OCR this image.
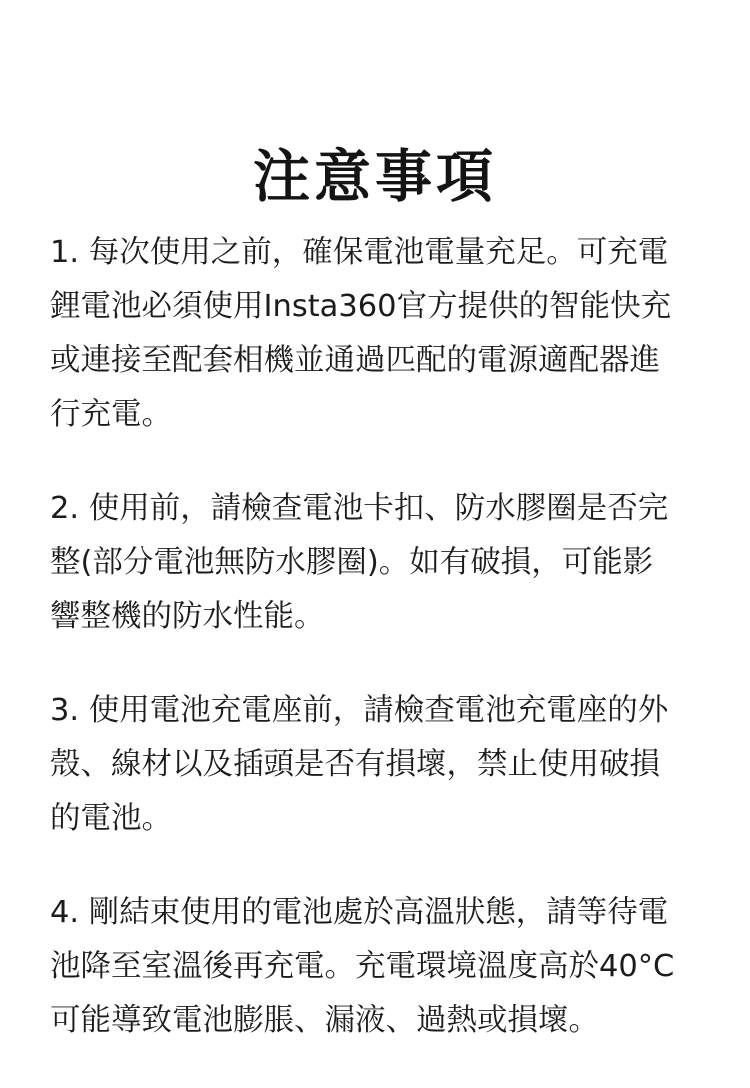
注意事項
1. 每次使用之前，確保電池電量充足。可充電
鋰電池必須使用Insta360官方提供的智能快充
或連接至配套相機並通過匹配的電源適配器進
行充電。
2. 使用前，請檢查電池卡扣、防水膠圈是否完
整(部分電池無防水膠圈)。如有破損，可能影
響整機的防水性能。
3. 使用電池充電座前，請檢查電池充電座的外
殼、線材以及插頭是否有損壞，禁止使用破損
的電池。
4. 剛結束使用的電池處於高溫狀態，請等待電
池降至室溫後再充電。充電環境溫度高於40°C
可能導致電池膨脹、漏液、過熱或損壞。
